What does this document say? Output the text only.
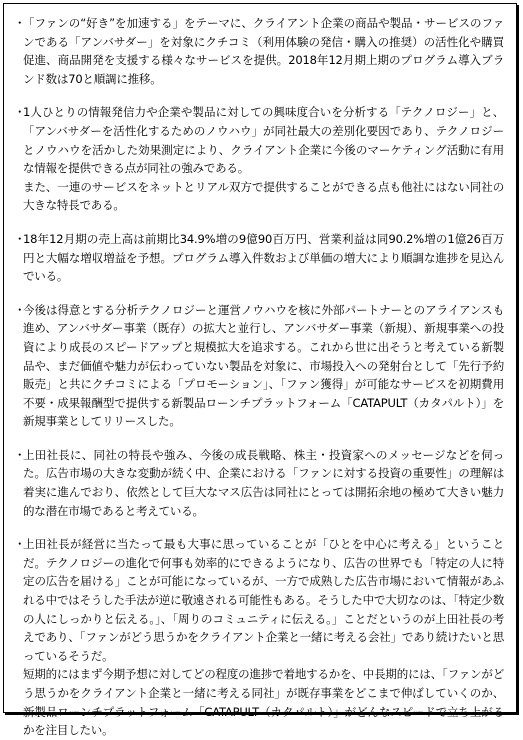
・
「ファンの“好き”を加速する」をテーマに、クライアント企業の商品や製品・サービスのファンである「アンバサダー」を対象にクチコミ（利用体験の発信・購入の推奨）の活性化や購買促進、商品開発を支援する様々なサービスを提供。2018年12月期上期のプログラム導入ブランド数は70と順調に推移。
・
1人ひとりの情報発信力や企業や製品に対しての興味度合いを分析する「テクノロジー」と、「アンバサダーを活性化するためのノウハウ」が同社最大の差別化要因であり、テクノロジーとノウハウを活かした効果測定により、クライアント企業に今後のマーケティング活動に有用な情報を提供できる点が同社の強みである。
また、一連のサービスをネットとリアル双方で提供することができる点も他社にはない同社の大きな特長である。
・
18年12月期の売上高は前期比34.9%増の9億90百万円、営業利益は同90.2%増の1億26百万円と大幅な増収増益を予想。プログラム導入件数および単価の増大により順調な進捗を見込んでいる。
・
今後は得意とする分析テクノロジーと運営ノウハウを核に外部パートナーとのアライアンスも進め、アンバサダー事業（既存）の拡大と並行し、アンバサダー事業（新規）、新規事業への投資により成長のスピードアップと規模拡大を追求する。これから世に出そうと考えている新製品や、まだ価値や魅力が伝わっていない製品を対象に、市場投入への発射台として「先行予約販売」と共にクチコミによる「プロモーション」、「ファン獲得」が可能なサービスを初期費用不要・成果報酬型で提供する新製品ローンチプラットフォーム「CATAPULT（カタパルト）」を新規事業としてリリースした。
・
上田社長に、同社の特長や強み、今後の成長戦略、株主・投資家へのメッセージなどを伺った。広告市場の大きな変動が続く中、企業における「ファンに対する投資の重要性」の理解は着実に進んでおり、依然として巨大なマス広告は同社にとっては開拓余地の極めて大きい魅力的な潜在市場であると考えている。
・
上田社長が経営に当たって最も大事に思っていることが「ひとを中心に考える」ということだ。テクノロジーの進化で何事も効率的にできるようになり、広告の世界でも「特定の人に特定の広告を届ける」ことが可能になっているが、一方で成熟した広告市場において情報があふれる中ではそうした手法が逆に敬遠される可能性もある。そうした中で大切なのは、「特定少数の人にしっかりと伝える。」、「周りのコミュニティに伝える。」ことだというのが上田社長の考えであり、「ファンがどう思うかをクライアント企業と一緒に考える会社」であり続けたいと思っているそうだ。
短期的にはまず今期予想に対してどの程度の進捗で着地するかを、中長期的には、「ファンがどう思うかをクライアント企業と一緒に考える同社」が既存事業をどこまで伸ばしていくのか、新製品ローンチプラットフォーム「CATAPULT（カタパルト）」がどんなスピードで立ち上がるかを注目したい。
